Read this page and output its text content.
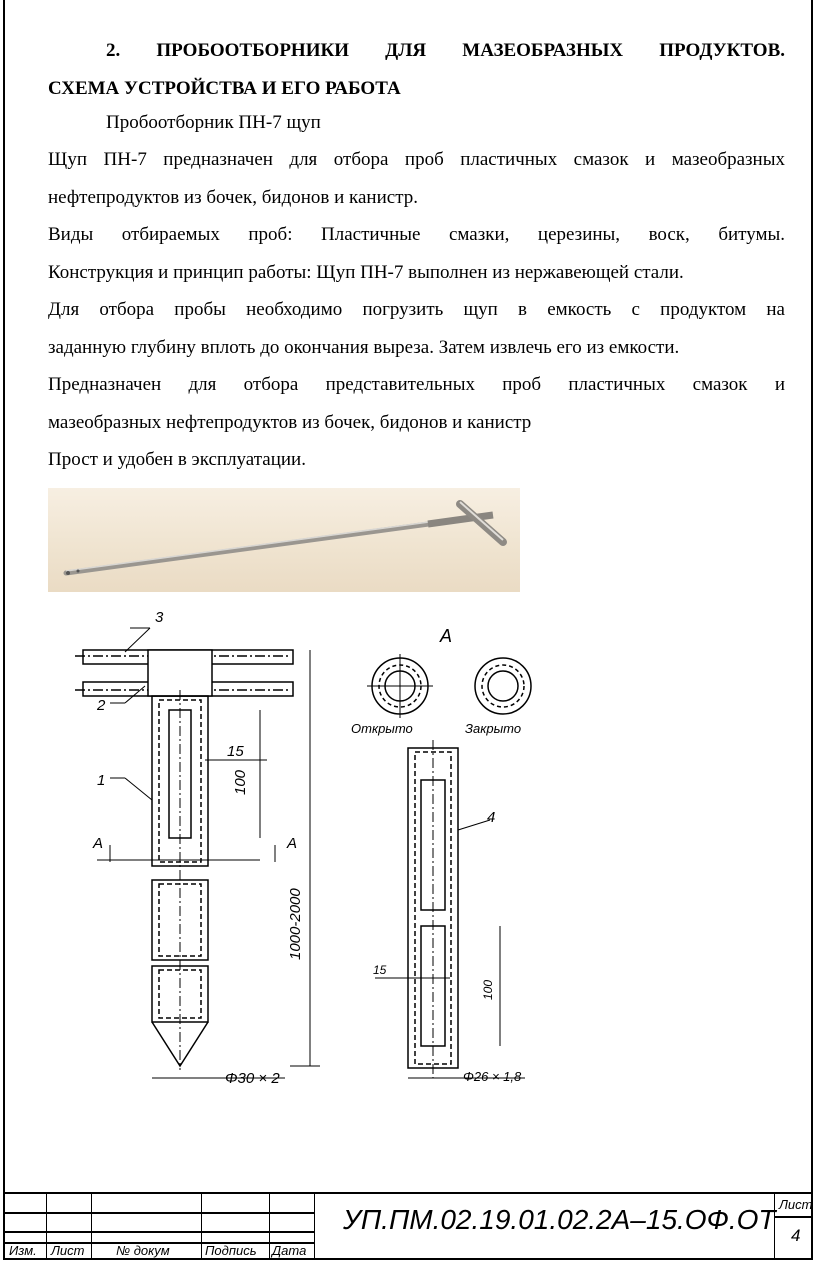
2. ПРОБООТБОРНИКИ ДЛЯ МАЗЕОБРАЗНЫХ ПРОДУКТОВ.
СХЕМА УСТРОЙСТВА И ЕГО РАБОТА
Пробоотборник ПН-7 щуп
Щуп ПН-7 предназначен для отбора проб пластичных смазок и мазеобразных
нефтепродуктов из бочек, бидонов и канистр.
Виды отбираемых проб: Пластичные смазки, церезины, воск, битумы.
Конструкция и принцип работы: Щуп ПН-7 выполнен из нержавеющей стали.
Для отбора пробы необходимо погрузить щуп в емкость с продуктом на
заданную глубину вплоть до окончания выреза. Затем извлечь его из емкости.
Предназначен для отбора представительных проб пластичных смазок и
мазеобразных нефтепродуктов из бочек, бидонов и канистр
Прост и удобен в эксплуатации.
3
2
1
A	A
15
100
1000-2000
Φ30 × 2
A
Открыто	Закрыто
4
15
100
Φ26 × 1,8
Изм. Лист № докум	Подпись Дата
УП.ПМ.02.19.01.02.2А–15.ОФ.ОТ Лист
4
